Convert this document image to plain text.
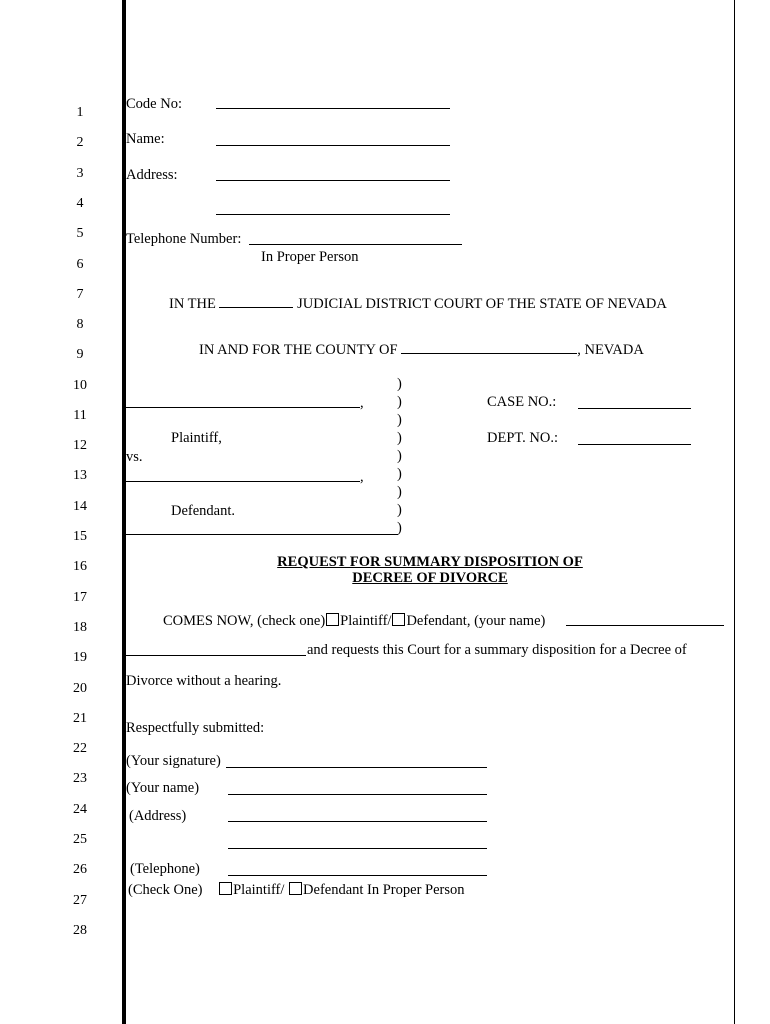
1
2
3
4
5
6
7
8
9
10
11
12
13
14
15
16
17
18
19
20
21
22
23
24
25
26
27
28
Code No:
Name:
Address:
Telephone Number:
In Proper Person
IN THE	JUDICIAL DISTRICT COURT OF THE STATE OF NEVADA
IN AND FOR THE COUNTY OF	, NEVADA
,
Plaintiff,
vs.
,
Defendant.
)
)
)
)
)
)
)
)
)
CASE NO.:
DEPT. NO.:
REQUEST FOR SUMMARY DISPOSITION OF
DECREE OF DIVORCE
COMES NOW, (check one) Plaintiff/ Defendant, (your name)
and requests this Court for a summary disposition for a Decree of
Divorce without a hearing.
Respectfully submitted:
(Your signature)
(Your name)
(Address)
(Telephone)
(Check One) Plaintiff/ Defendant In Proper Person
